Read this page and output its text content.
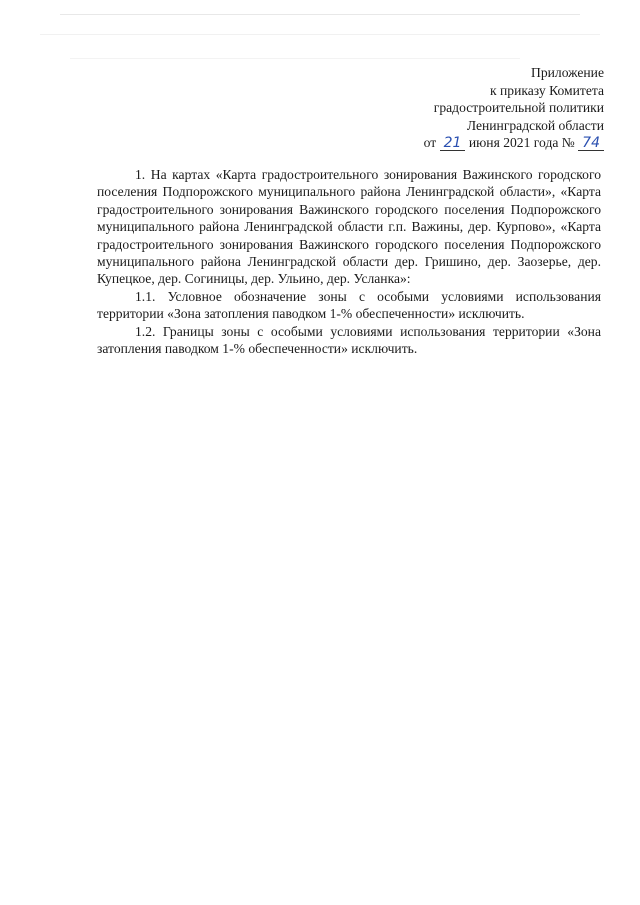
Приложение
к приказу Комитета
градостроительной политики
Ленинградской области
от 21 июня 2021 года № 74

1. На картах «Карта градостроительного зонирования Важинского городского поселения Подпорожского муниципального района Ленинградской области», «Карта градостроительного зонирования Важинского городского поселения Подпорожского муниципального района Ленинградской области г.п. Важины, дер. Курпово», «Карта градостроительного зонирования Важинского городского поселения Подпорожского муниципального района Ленинградской области дер. Гришино, дер. Заозерье, дер. Купецкое, дер. Согиницы, дер. Ульино, дер. Усланка»:

1.1. Условное обозначение зоны с особыми условиями использования территории «Зона затопления паводком 1-% обеспеченности» исключить.

1.2. Границы зоны с особыми условиями использования территории «Зона затопления паводком 1-% обеспеченности» исключить.
